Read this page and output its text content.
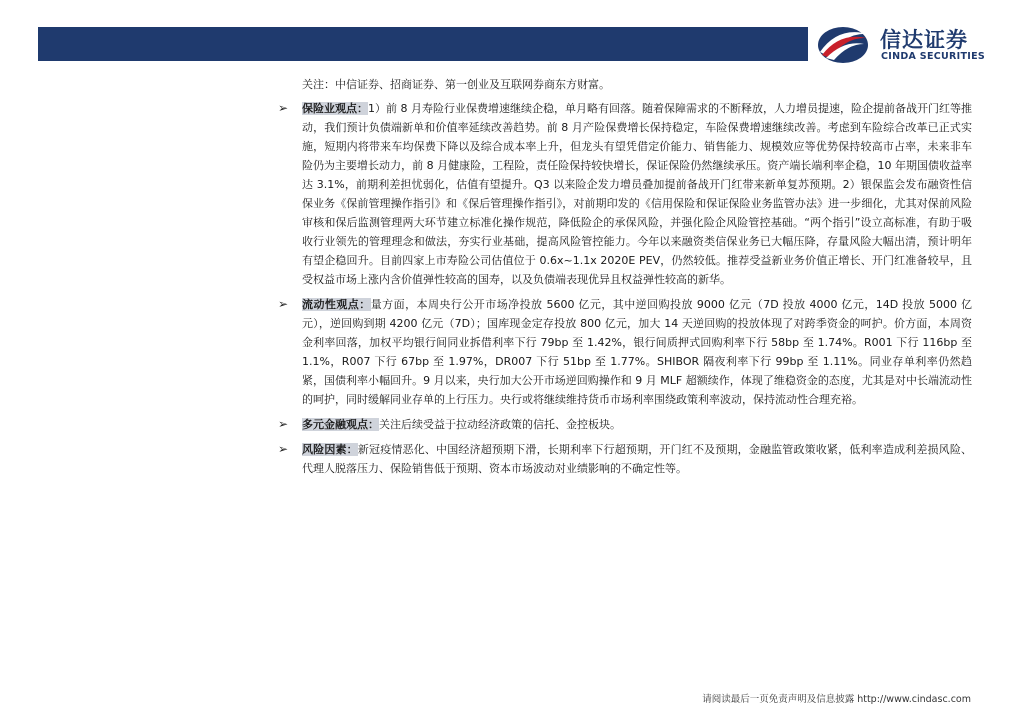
信达证券
CINDA SECURITIES
关注：中信证券、招商证券、第一创业及互联网券商东方财富。
➢	保险业观点：1）前 8 月寿险行业保费增速继续企稳，单月略有回落。随着保障需求的不断释放，人力增员提速，险企提前备战开门红等推动，我们预计负债端新单和价值率延续改善趋势。前 8 月产险保费增长保持稳定，车险保费增速继续改善。考虑到车险综合改革已正式实施，短期内将带来车均保费下降以及综合成本率上升，但龙头有望凭借定价能力、销售能力、规模效应等优势保持较高市占率，未来非车险仍为主要增长动力，前 8 月健康险，工程险，责任险保持较快增长，保证保险仍然继续承压。资产端长端利率企稳，10 年期国债收益率达 3.1%，前期利差担忧弱化，估值有望提升。Q3 以来险企发力增员叠加提前备战开门红带来新单复苏预期。2）银保监会发布融资性信保业务《保前管理操作指引》和《保后管理操作指引》，对前期印发的《信用保险和保证保险业务监管办法》进一步细化，尤其对保前风险审核和保后监测管理两大环节建立标准化操作规范，降低险企的承保风险，并强化险企风险管控基础。“两个指引”设立高标准，有助于吸收行业领先的管理理念和做法，夯实行业基础，提高风险管控能力。今年以来融资类信保业务已大幅压降，存量风险大幅出清，预计明年有望企稳回升。目前四家上市寿险公司估值位于 0.6x~1.1x 2020E PEV，仍然较低。推荐受益新业务价值正增长、开门红准备较早，且受权益市场上涨内含价值弹性较高的国寿，以及负债端表现优异且权益弹性较高的新华。

➢	流动性观点：量方面，本周央行公开市场净投放 5600 亿元，其中逆回购投放 9000 亿元（7D 投放 4000 亿元，14D 投放 5000 亿元），逆回购到期 4200 亿元（7D）；国库现金定存投放 800 亿元，加大 14 天逆回购的投放体现了对跨季资金的呵护。价方面，本周资金利率回落，加权平均银行间同业拆借利率下行 79bp 至 1.42%，银行间质押式回购利率下行 58bp 至 1.74%。R001 下行 116bp 至 1.1%，R007 下行 67bp 至 1.97%，DR007 下行 51bp 至 1.77%。SHIBOR 隔夜利率下行 99bp 至 1.11%。同业存单利率仍然趋紧，国债利率小幅回升。9 月以来，央行加大公开市场逆回购操作和 9 月 MLF 超额续作，体现了维稳资金的态度，尤其是对中长端流动性的呵护，同时缓解同业存单的上行压力。央行或将继续维持货币市场利率围绕政策利率波动，保持流动性合理充裕。

➢	多元金融观点：关注后续受益于拉动经济政策的信托、金控板块。

➢	风险因素：新冠疫情恶化、中国经济超预期下滑，长期利率下行超预期，开门红不及预期，金融监管政策收紧，低利率造成利差损风险、代理人脱落压力、保险销售低于预期、资本市场波动对业绩影响的不确定性等。

请阅读最后一页免责声明及信息披露 http://www.cindasc.com
